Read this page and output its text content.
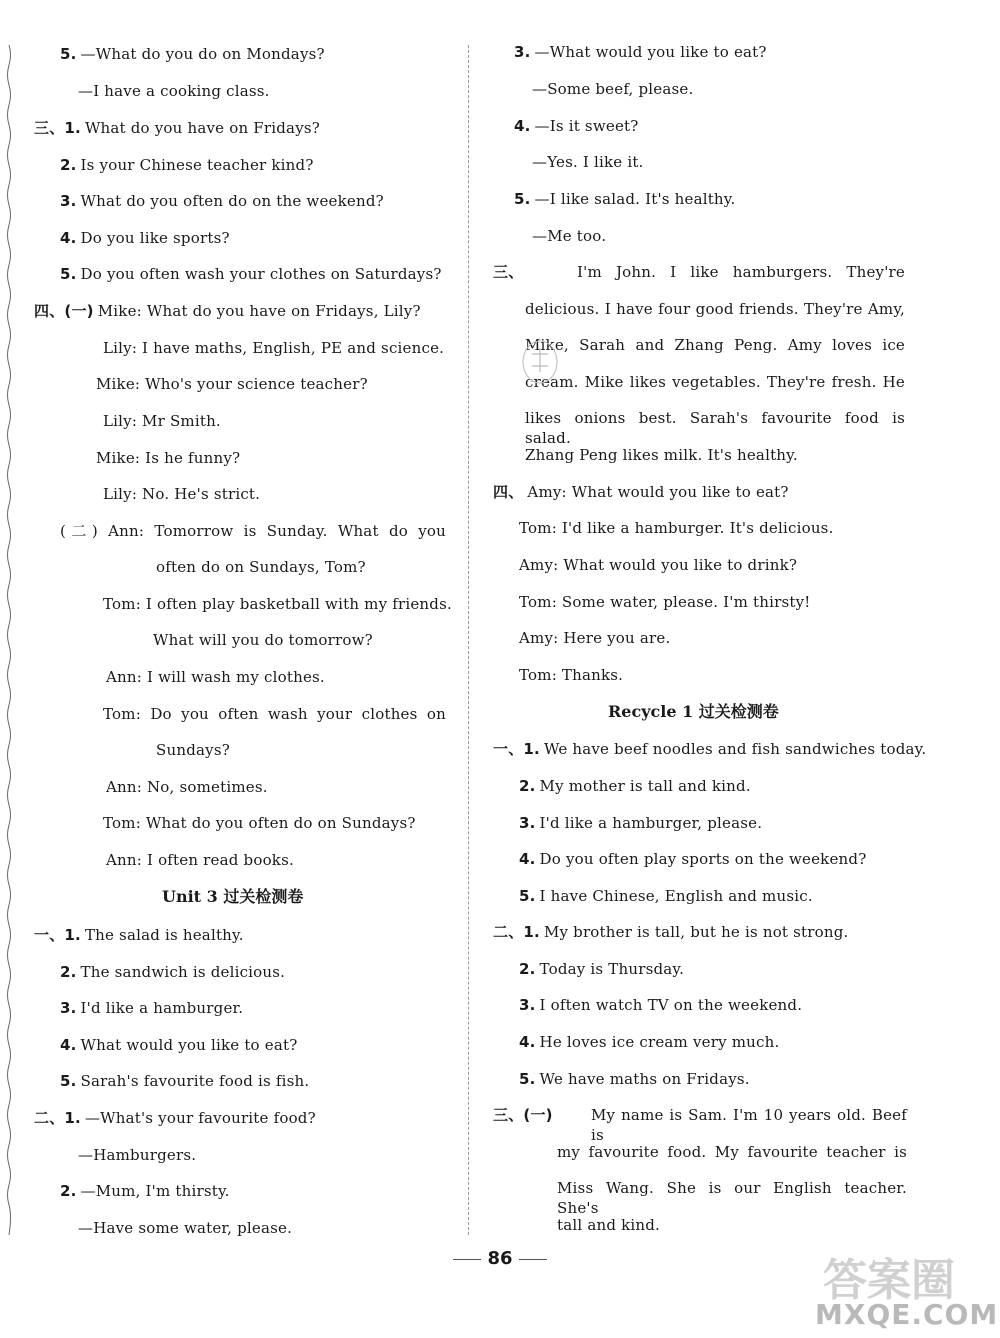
5. —What do you do on Mondays?
—I have a cooking class.
三、1. What do you have on Fridays?
2. Is your Chinese teacher kind?
3. What do you often do on the weekend?
4. Do you like sports?
5. Do you often wash your clothes on Saturdays?
四、(一) Mike: What do you have on Fridays, Lily?
Lily: I have maths, English, PE and science.
Mike: Who's your science teacher?
Lily: Mr Smith.
Mike: Is he funny?
Lily: No. He's strict.
(二) Ann: Tomorrow is Sunday. What do you
often do on Sundays, Tom?
Tom: I often play basketball with my friends.
What will you do tomorrow?
Ann: I will wash my clothes.
Tom: Do you often wash your clothes on
Sundays?
Ann: No, sometimes.
Tom: What do you often do on Sundays?
Ann: I often read books.
一、1. The salad is healthy.
2. The sandwich is delicious.
3. I'd like a hamburger.
4. What would you like to eat?
5. Sarah's favourite food is fish.
二、1. —What's your favourite food?
—Hamburgers.
2. —Mum, I'm thirsty.
—Have some water, please.
Unit 3 过关检测卷
3. —What would you like to eat?
—Some beef, please.
4. —Is it sweet?
—Yes. I like it.
5. —I like salad. It's healthy.
—Me too.
三、	I'm John. I like hamburgers. They're
delicious. I have four good friends. They're Amy,
Mike, Sarah and Zhang Peng. Amy loves ice
cream. Mike likes vegetables. They're fresh. He
likes onions best. Sarah's favourite food is salad.
Zhang Peng likes milk. It's healthy.
四、 Amy: What would you like to eat?
Tom: I'd like a hamburger. It's delicious.
Amy: What would you like to drink?
Tom: Some water, please. I'm thirsty!
Amy: Here you are.
Tom: Thanks.
一、1. We have beef noodles and fish sandwiches today.
2. My mother is tall and kind.
3. I'd like a hamburger, please.
4. Do you often play sports on the weekend?
5. I have Chinese, English and music.
二、1. My brother is tall, but he is not strong.
2. Today is Thursday.
3. I often watch TV on the weekend.
4. He loves ice cream very much.
5. We have maths on Fridays.
三、(一)	My name is Sam. I'm 10 years old. Beef is
my favourite food. My favourite teacher is
Miss Wang. She is our English teacher. She's
tall and kind.
Recycle 1 过关检测卷
86	答案圈
MXQE.COM
